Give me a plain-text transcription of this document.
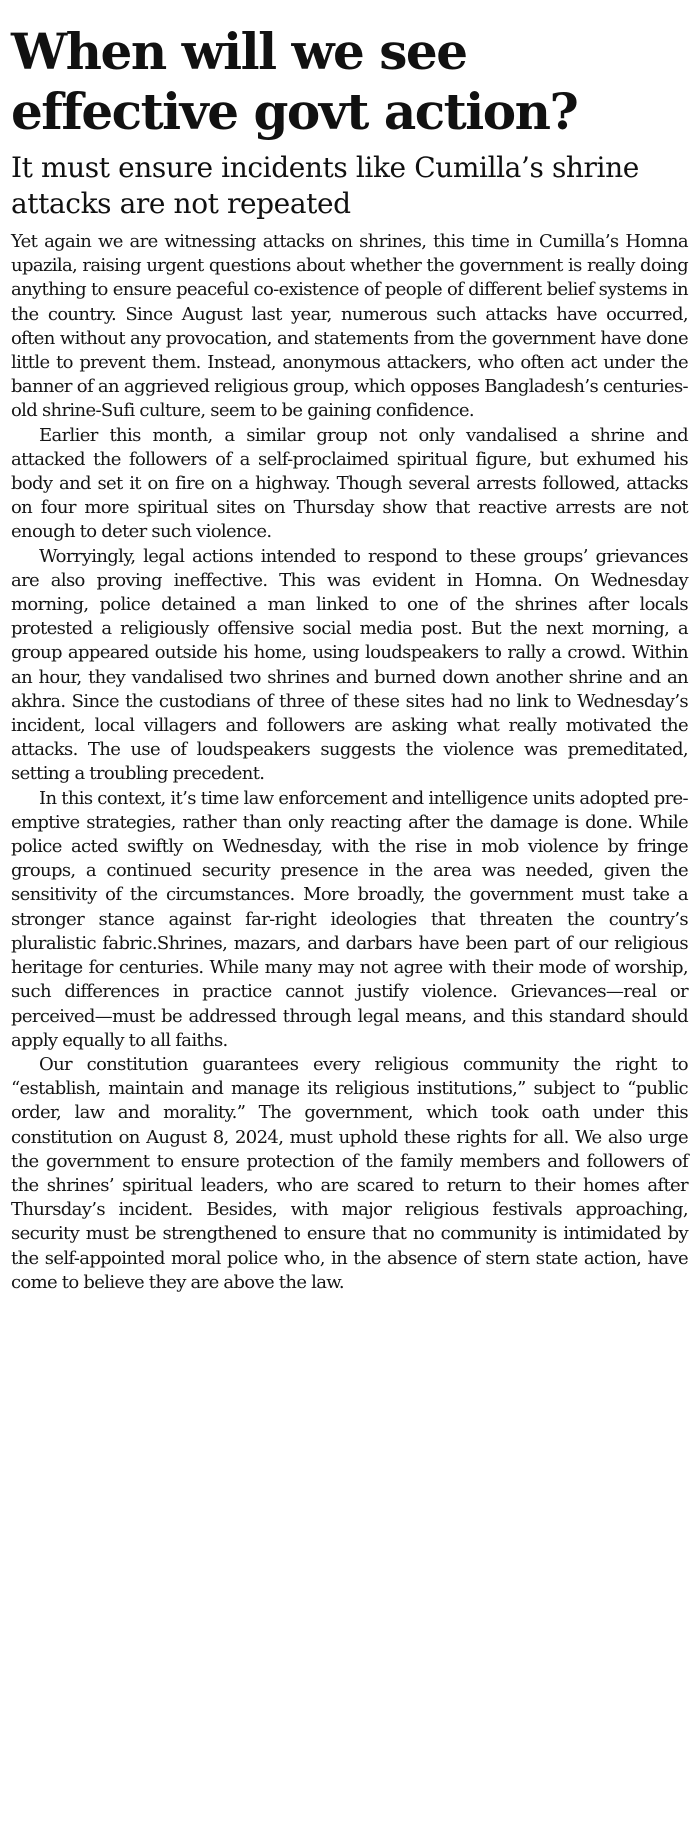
When will we see effective govt action?
It must ensure incidents like Cumilla’s shrine attacks are not repeated

Yet again we are witnessing attacks on shrines, this time in Cumilla’s Homna upazila, raising urgent questions about whether the government is really doing anything to ensure peaceful co-existence of people of different belief systems in the country. Since August last year, numerous such attacks have occurred, often without any provocation, and statements from the government have done little to prevent them. Instead, anonymous attackers, who often act under the banner of an aggrieved religious group, which opposes Bangladesh’s centuries-old shrine-Sufi culture, seem to be gaining confidence.

Earlier this month, a similar group not only vandalised a shrine and attacked the followers of a self-proclaimed spiritual figure, but exhumed his body and set it on fire on a highway. Though several arrests followed, attacks on four more spiritual sites on Thursday show that reactive arrests are not enough to deter such violence.

Worryingly, legal actions intended to respond to these groups’ grievances are also proving ineffective. This was evident in Homna. On Wednesday morning, police detained a man linked to one of the shrines after locals protested a religiously offensive social media post. But the next morning, a group appeared outside his home, using loudspeakers to rally a crowd. Within an hour, they vandalised two shrines and burned down another shrine and an akhra. Since the custodians of three of these sites had no link to Wednesday’s incident, local villagers and followers are asking what really motivated the attacks. The use of loudspeakers suggests the violence was premeditated, setting a troubling precedent.

In this context, it’s time law enforcement and intelligence units adopted pre-emptive strategies, rather than only reacting after the damage is done. While police acted swiftly on Wednesday, with the rise in mob violence by fringe groups, a continued security presence in the area was needed, given the sensitivity of the circumstances. More broadly, the government must take a stronger stance against far-right ideologies that threaten the country’s pluralistic fabric.Shrines, mazars, and darbars have been part of our religious heritage for centuries. While many may not agree with their mode of worship, such differences in practice cannot justify violence. Grievances—real or perceived—must be addressed through legal means, and this standard should apply equally to all faiths.

Our constitution guarantees every religious community the right to “establish, maintain and manage its religious institutions,” subject to “public order, law and morality.” The government, which took oath under this constitution on August 8, 2024, must uphold these rights for all. We also urge the government to ensure protection of the family members and followers of the shrines’ spiritual leaders, who are scared to return to their homes after Thursday’s incident. Besides, with major religious festivals approaching, security must be strengthened to ensure that no community is intimidated by the self-appointed moral police who, in the absence of stern state action, have come to believe they are above the law.
